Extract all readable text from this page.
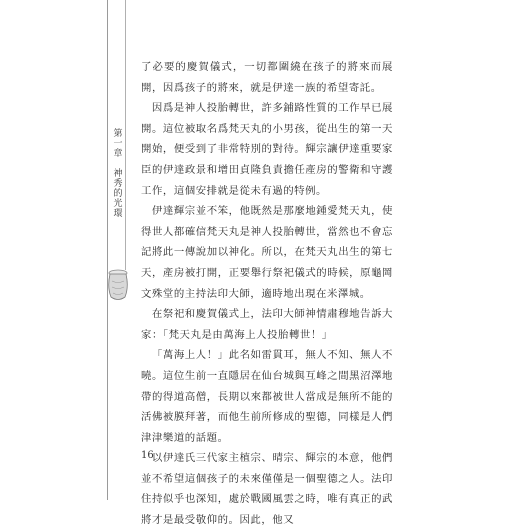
第一章
神秀的光環

了必要的慶賀儀式，一切都圍繞在孩子的將來而展開，因爲孩子的將來，就是伊達一族的希望寄託。

因爲是神人投胎轉世，許多鋪路性質的工作早已展開。這位被取名爲梵天丸的小男孩，從出生的第一天開始，便受到了非常特別的對待。輝宗讓伊達重要家臣的伊達政景和增田貞隆負責擔任產房的警衛和守護工作，這個安排就是從未有過的特例。

伊達輝宗並不笨，他既然是那麼地鍾愛梵天丸，使得世人都確信梵天丸是神人投胎轉世，當然也不會忘記將此一傳說加以神化。所以，在梵天丸出生的第七天，產房被打開，正要舉行祭祀儀式的時候，原龜岡文殊堂的主持法印大師，適時地出現在米澤城。

在祭祀和慶賀儀式上，法印大師神情肅穆地告訴大家：「梵天丸是由萬海上人投胎轉世！」

「萬海上人！」此名如雷貫耳，無人不知、無人不曉。這位生前一直隱居在仙台城與互峰之間黑沼澤地帶的得道高僧，長期以來都被世人當成是無所不能的活佛被膜拜著，而他生前所修成的聖德，同樣是人們津津樂道的話題。

以伊達氏三代家主植宗、晴宗、輝宗的本意，他們並不希望這個孩子的未來僅僅是一個聖德之人。法印住持似乎也深知，處於戰國風雲之時，唯有真正的武將才是最受敬仰的。因此，他又

16
